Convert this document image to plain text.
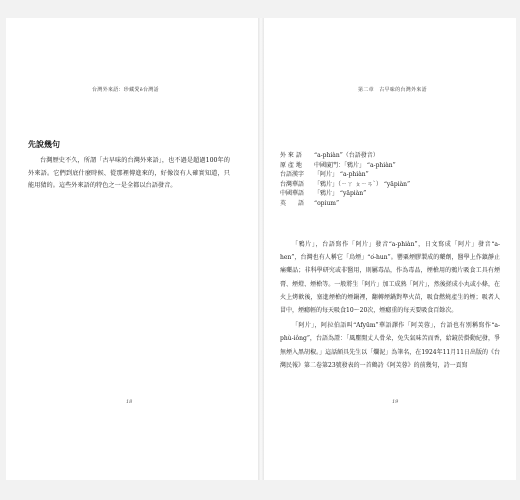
台灣外來語：珍藏愛ê台灣話
先說幾句

台灣歷史不久，所謂「古早味的台灣外來語」，也不過是超過100年的外來語。它們到底什麼時候、從那裡傳進來的，好像沒有人確實知道，只能用猜的。這些外來語的特色之一是全都以台語發音。

18
第二章　古早味的台灣外來語
外 來 語	“a-phiàn”（台語發音）
原 產 地	中國廈門：「鴉片」 “a-phiàn”
台語漢字	「阿片」 “a-phiàn”
台灣華語	「鴉片」（ㄧㄚ ㄆㄧㄢˋ） “yāpiàn”
中國華語	「鴉片」 “yāpiàn”
英　　語	“opium”

「鴉片」，台語寫作「阿片」發音“a-phiàn”，日文寫成「阿片」發音“a-hen”，台灣也有人稱它「烏煙」“o͘-hun”。罌粟煙膠製成的藥劑，醫學上作鎮靜止痛藥品；非科學研究或非醫用，則屬毒品，作為毒品，煙槍用的鴉片吸食工具有煙膏、煙燈、煙槍等。一般將生「阿片」加工成熟「阿片」，然後搓成小丸或小條，在火上烤軟後，塞進煙槍的煙鍋裡，翻轉煙鍋對準火苗，吸食燃燒產生的煙；吸者人冒中，煙癮輕的每天吸食10～20次，煙癮重的每天要吸食百餘次。

「阿片」，阿拉伯語叫“Afyūm”華語譯作「阿芙蓉」，台語也有別稱寫作“a-phù-iông”，台語為證：「風塵閒丈人骨朵，免失氣味苦而香，給鏡於掛動紀發，爭無煙入黑胡椒。」這話頗具先生以「爛泥」為筆名，在1924年11月11日出版的《台灣民報》第二卷第23號發表的一首鶴詩《阿芙蓉》的前幾句，詩一貢寫

19
